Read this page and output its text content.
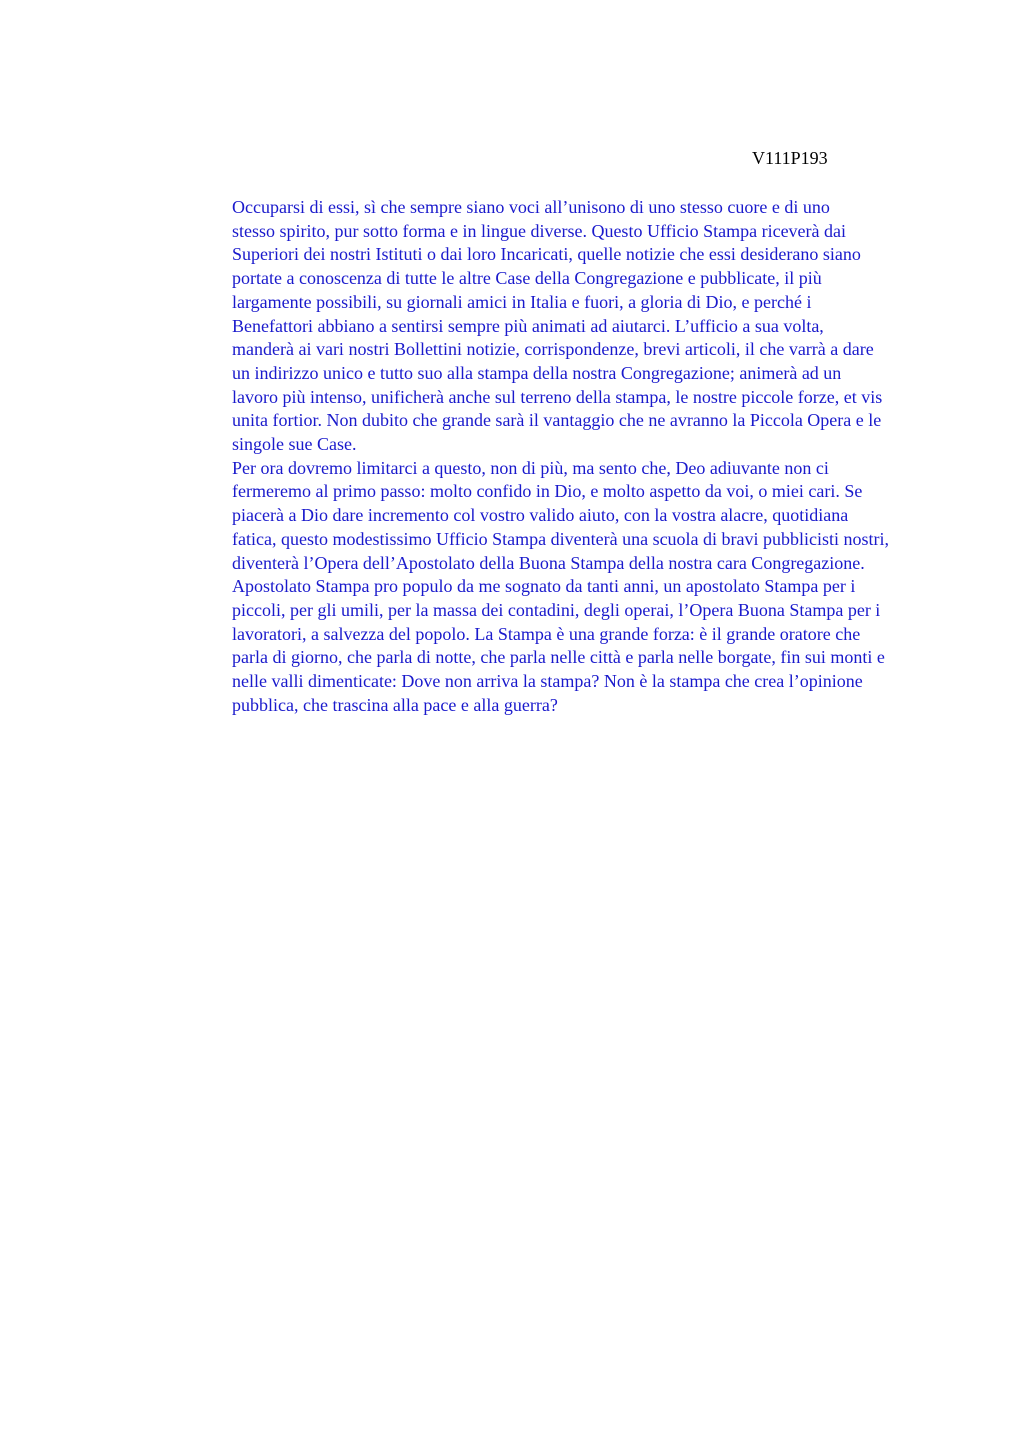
V111P193

Occuparsi di essi, sì che sempre siano voci all’unisono di uno stesso cuore e di uno
stesso spirito, pur sotto forma e in lingue diverse. Questo Ufficio Stampa riceverà dai
Superiori dei nostri Istituti o dai loro Incaricati, quelle notizie che essi desiderano siano
portate a conoscenza di tutte le altre Case della Congregazione e pubblicate, il più
largamente possibili, su giornali amici in Italia e fuori, a gloria di Dio, e perché i
Benefattori abbiano a sentirsi sempre più animati ad aiutarci. L’ufficio a sua volta,
manderà ai vari nostri Bollettini notizie, corrispondenze, brevi articoli, il che varrà a dare
un indirizzo unico e tutto suo alla stampa della nostra Congregazione; animerà ad un
lavoro più intenso, unificherà anche sul terreno della stampa, le nostre piccole forze, et vis
unita fortior. Non dubito che grande sarà il vantaggio che ne avranno la Piccola Opera e le
singole sue Case.

Per ora dovremo limitarci a questo, non di più, ma sento che, Deo adiuvante non ci
fermeremo al primo passo: molto confido in Dio, e molto aspetto da voi, o miei cari. Se
piacerà a Dio dare incremento col vostro valido aiuto, con la vostra alacre, quotidiana
fatica, questo modestissimo Ufficio Stampa diventerà una scuola di bravi pubblicisti nostri,
diventerà l’Opera dell’Apostolato della Buona Stampa della nostra cara Congregazione.
Apostolato Stampa pro populo da me sognato da tanti anni, un apostolato Stampa per i
piccoli, per gli umili, per la massa dei contadini, degli operai, l’Opera Buona Stampa per i
lavoratori, a salvezza del popolo. La Stampa è una grande forza: è il grande oratore che
parla di giorno, che parla di notte, che parla nelle città e parla nelle borgate, fin sui monti e
nelle valli dimenticate: Dove non arriva la stampa? Non è la stampa che crea l’opinione
pubblica, che trascina alla pace e alla guerra?
